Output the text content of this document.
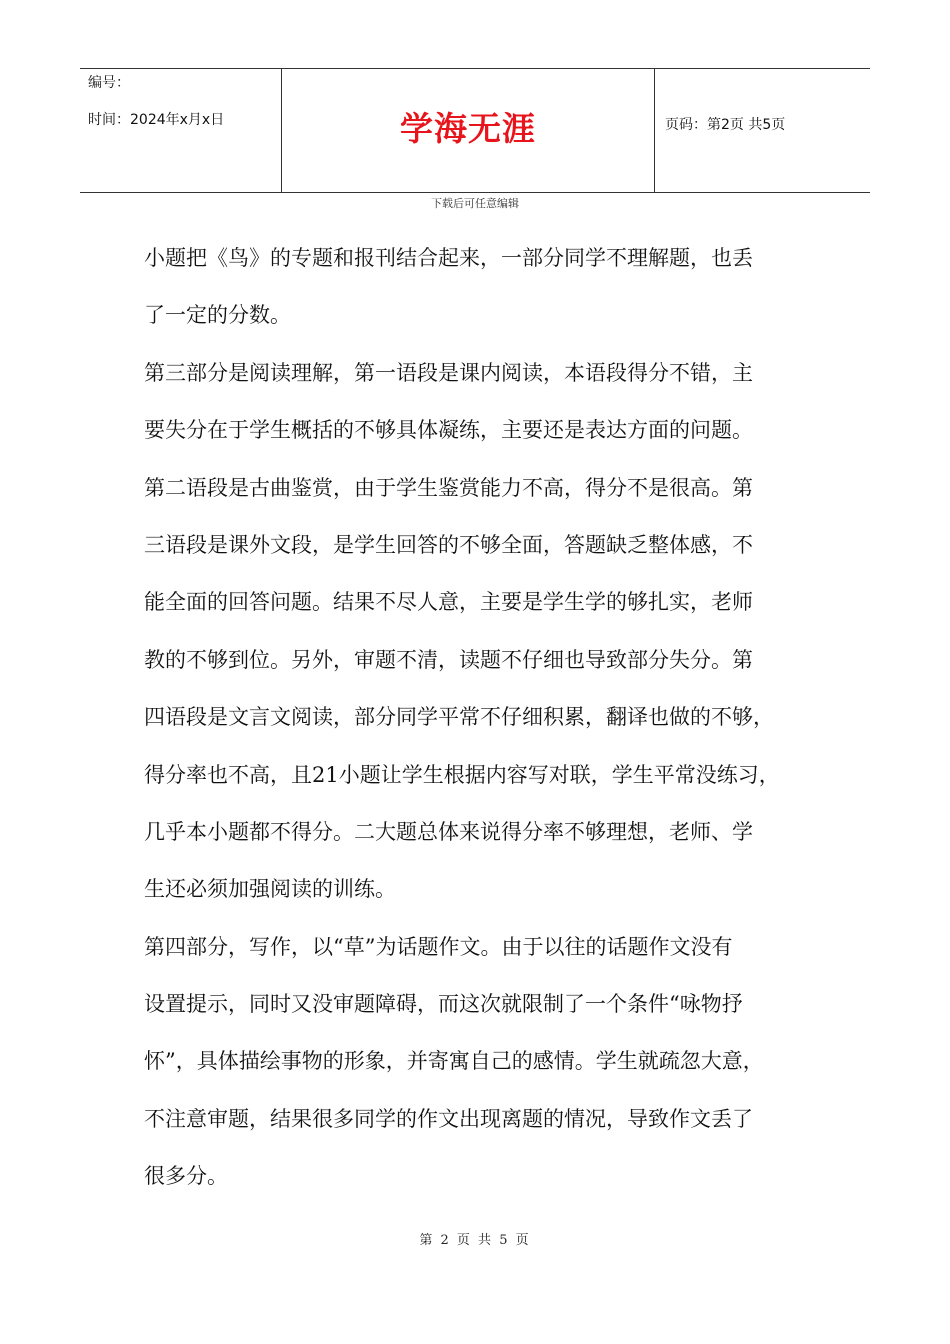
编号：
时间：2024年x月x日	学海无涯	页码：第2页 共5页
下载后可任意编辑
小题把《鸟》的专题和报刊结合起来，一部分同学不理解题，也丢
了一定的分数。
第三部分是阅读理解，第一语段是课内阅读，本语段得分不错，主
要失分在于学生概括的不够具体凝练，主要还是表达方面的问题。
第二语段是古曲鉴赏，由于学生鉴赏能力不高，得分不是很高。第
三语段是课外文段，是学生回答的不够全面，答题缺乏整体感，不
能全面的回答问题。结果不尽人意，主要是学生学的够扎实，老师
教的不够到位。另外，审题不清，读题不仔细也导致部分失分。第
四语段是文言文阅读，部分同学平常不仔细积累，翻译也做的不够，
得分率也不高，且21小题让学生根据内容写对联，学生平常没练习，
几乎本小题都不得分。二大题总体来说得分率不够理想，老师、学
生还必须加强阅读的训练。
第四部分，写作，以“草”为话题作文。由于以往的话题作文没有
设置提示，同时又没审题障碍，而这次就限制了一个条件“咏物抒
怀”，具体描绘事物的形象，并寄寓自己的感情。学生就疏忽大意，
不注意审题，结果很多同学的作文出现离题的情况，导致作文丢了
很多分。
第 2 页 共 5 页
